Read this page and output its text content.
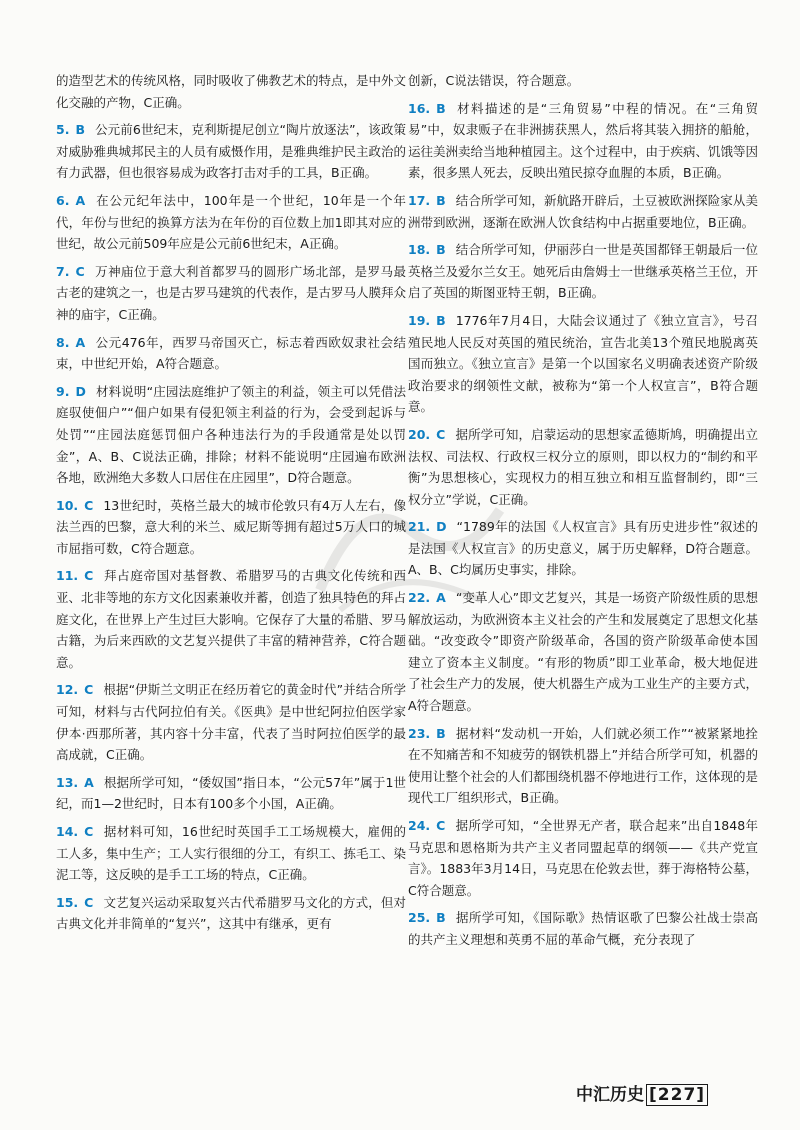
的造型艺术的传统风格，同时吸收了佛教艺术的特点，是中外文化交融的产物，C正确。

5. B 公元前6世纪末，克利斯提尼创立“陶片放逐法”，该政策对威胁雅典城邦民主的人员有威慑作用，是雅典维护民主政治的有力武器，但也很容易成为政客打击对手的工具，B正确。

6. A 在公元纪年法中，100年是一个世纪，10年是一个年代，年份与世纪的换算方法为在年份的百位数上加1即其对应的世纪，故公元前509年应是公元前6世纪末，A正确。

7. C 万神庙位于意大利首都罗马的圆形广场北部，是罗马最古老的建筑之一，也是古罗马建筑的代表作，是古罗马人膜拜众神的庙宇，C正确。

8. A 公元476年，西罗马帝国灭亡，标志着西欧奴隶社会结束，中世纪开始，A符合题意。

9. D 材料说明“庄园法庭维护了领主的利益，领主可以凭借法庭驭使佃户”“佃户如果有侵犯领主利益的行为，会受到起诉与处罚”“庄园法庭惩罚佃户各种违法行为的手段通常是处以罚金”，A、B、C说法正确，排除；材料不能说明“庄园遍布欧洲各地，欧洲绝大多数人口居住在庄园里”，D符合题意。

10. C 13世纪时，英格兰最大的城市伦敦只有4万人左右，像法兰西的巴黎，意大利的米兰、威尼斯等拥有超过5万人口的城市屈指可数，C符合题意。

11. C 拜占庭帝国对基督教、希腊罗马的古典文化传统和西亚、北非等地的东方文化因素兼收并蓄，创造了独具特色的拜占庭文化，在世界上产生过巨大影响。它保存了大量的希腊、罗马古籍，为后来西欧的文艺复兴提供了丰富的精神营养，C符合题意。

12. C 根据“伊斯兰文明正在经历着它的黄金时代”并结合所学可知，材料与古代阿拉伯有关。《医典》是中世纪阿拉伯医学家伊本·西那所著，其内容十分丰富，代表了当时阿拉伯医学的最高成就，C正确。

13. A 根据所学可知，“倭奴国”指日本，“公元57年”属于1世纪，而1—2世纪时，日本有100多个小国，A正确。

14. C 据材料可知，16世纪时英国手工工场规模大，雇佣的工人多，集中生产；工人实行很细的分工，有织工、拣毛工、染泥工等，这反映的是手工工场的特点，C正确。

15. C 文艺复兴运动采取复兴古代希腊罗马文化的方式，但对古典文化并非简单的“复兴”，这其中有继承，更有

创新，C说法错误，符合题意。

16. B 材料描述的是“三角贸易”中程的情况。在“三角贸易”中，奴隶贩子在非洲掳获黑人，然后将其装入拥挤的船舱，运往美洲卖给当地种植园主。这个过程中，由于疾病、饥饿等因素，很多黑人死去，反映出殖民掠夺血腥的本质，B正确。

17. B 结合所学可知，新航路开辟后，土豆被欧洲探险家从美洲带到欧洲，逐渐在欧洲人饮食结构中占据重要地位，B正确。

18. B 结合所学可知，伊丽莎白一世是英国都铎王朝最后一位英格兰及爱尔兰女王。她死后由詹姆士一世继承英格兰王位，开启了英国的斯图亚特王朝，B正确。

19. B 1776年7月4日，大陆会议通过了《独立宣言》，号召殖民地人民反对英国的殖民统治，宣告北美13个殖民地脱离英国而独立。《独立宣言》是第一个以国家名义明确表述资产阶级政治要求的纲领性文献，被称为“第一个人权宣言”，B符合题意。

20. C 据所学可知，启蒙运动的思想家孟德斯鸠，明确提出立法权、司法权、行政权三权分立的原则，即以权力的“制约和平衡”为思想核心，实现权力的相互独立和相互监督制约，即“三权分立”学说，C正确。

21. D “1789年的法国《人权宣言》具有历史进步性”叙述的是法国《人权宣言》的历史意义，属于历史解释，D符合题意。A、B、C均属历史事实，排除。

22. A “变革人心”即文艺复兴，其是一场资产阶级性质的思想解放运动，为欧洲资本主义社会的产生和发展奠定了思想文化基础。“改变政令”即资产阶级革命，各国的资产阶级革命使本国建立了资本主义制度。“有形的物质”即工业革命，极大地促进了社会生产力的发展，使大机器生产成为工业生产的主要方式，A符合题意。

23. B 据材料“发动机一开始，人们就必须工作”“被紧紧地拴在不知痛苦和不知疲劳的钢铁机器上”并结合所学可知，机器的使用让整个社会的人们都围绕机器不停地进行工作，这体现的是现代工厂组织形式，B正确。

24. C 据所学可知，“全世界无产者，联合起来”出自1848年马克思和恩格斯为共产主义者同盟起草的纲领——《共产党宣言》。1883年3月14日，马克思在伦敦去世，葬于海格特公墓，C符合题意。

25. B 据所学可知，《国际歌》热情讴歌了巴黎公社战士崇高的共产主义理想和英勇不屈的革命气概，充分表现了

中汇历史 [227]
